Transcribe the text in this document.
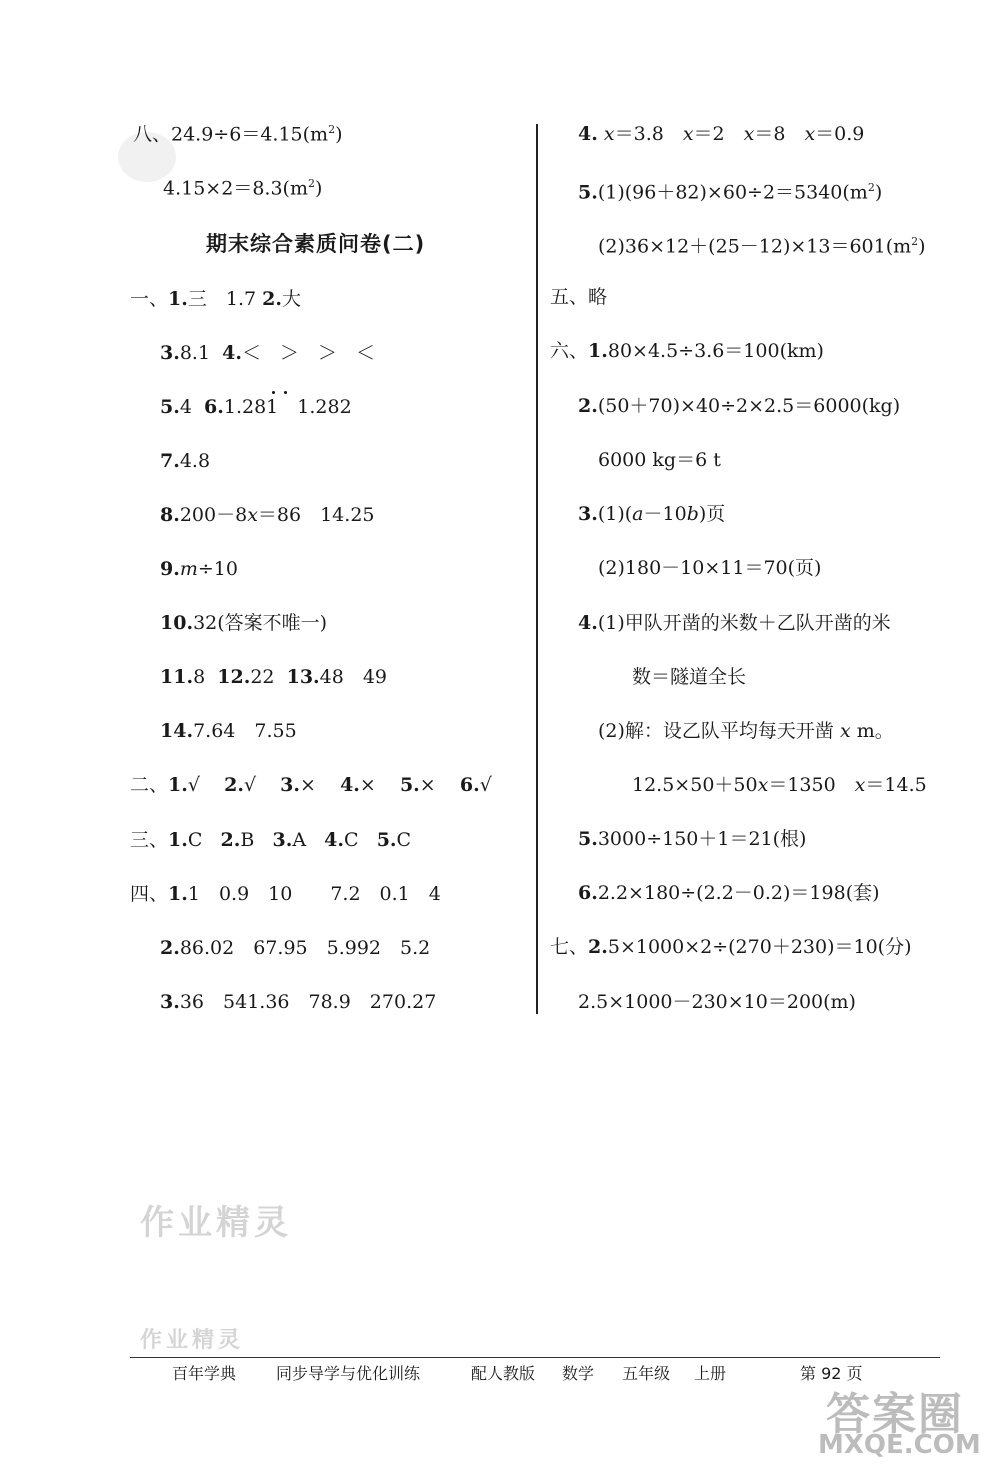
八、$24.9\div 6=4.15(m^2)$
$4.15\times 2=8.3(m^2)$
期末综合素质问卷(二)
一、1.三　1.7 2.大
3.8.1 4.＜　＞　＞　＜
5.4 6.1.281　1.282
7.4.8
8.200－8x＝86　14.25
9.m÷10
10.32(答案不唯一)
11.8 12.22 13.48　49
14.7.64　7.55
二、1.√ 2.√ 3.× 4.× 5.× 6.√
三、1.C 2.B 3.A 4.C 5.C
四、1.1　0.9　10　　7.2　0.1　4
2.86.02　67.95　5.992　5.2
3.36　541.36　78.9　270.27
4. x＝3.8　x＝2　x＝8　x＝0.9
$5.(1)(96+82)\times 60\div 2=5340(m^2)$
$(2)36\times 12+(25-12)\times 13=601(m^2)$
五、略
六、1.80×4.5÷3.6＝100(km)
2.(50＋70)×40÷2×2.5＝6000(kg)
6000 kg＝6 t
3.(1)(a－10b)页
(2)180－10×11＝70(页)
4.(1)甲队开凿的米数＋乙队开凿的米
数＝隧道全长
(2)解：设乙队平均每天开凿 x m。
12.5×50＋50x＝1350　x＝14.5
5.3000÷150＋1＝21(根)
6.2.2×180÷(2.2－0.2)＝198(套)
七、2.5×1000×2÷(270＋230)＝10(分)
2.5×1000－230×10＝200(m)
作业精灵
作业精灵
百年学典 同步导学与优化训练	配人教版 数学 五年级 上册	第 92 页
答案圈
MXQE.COM
